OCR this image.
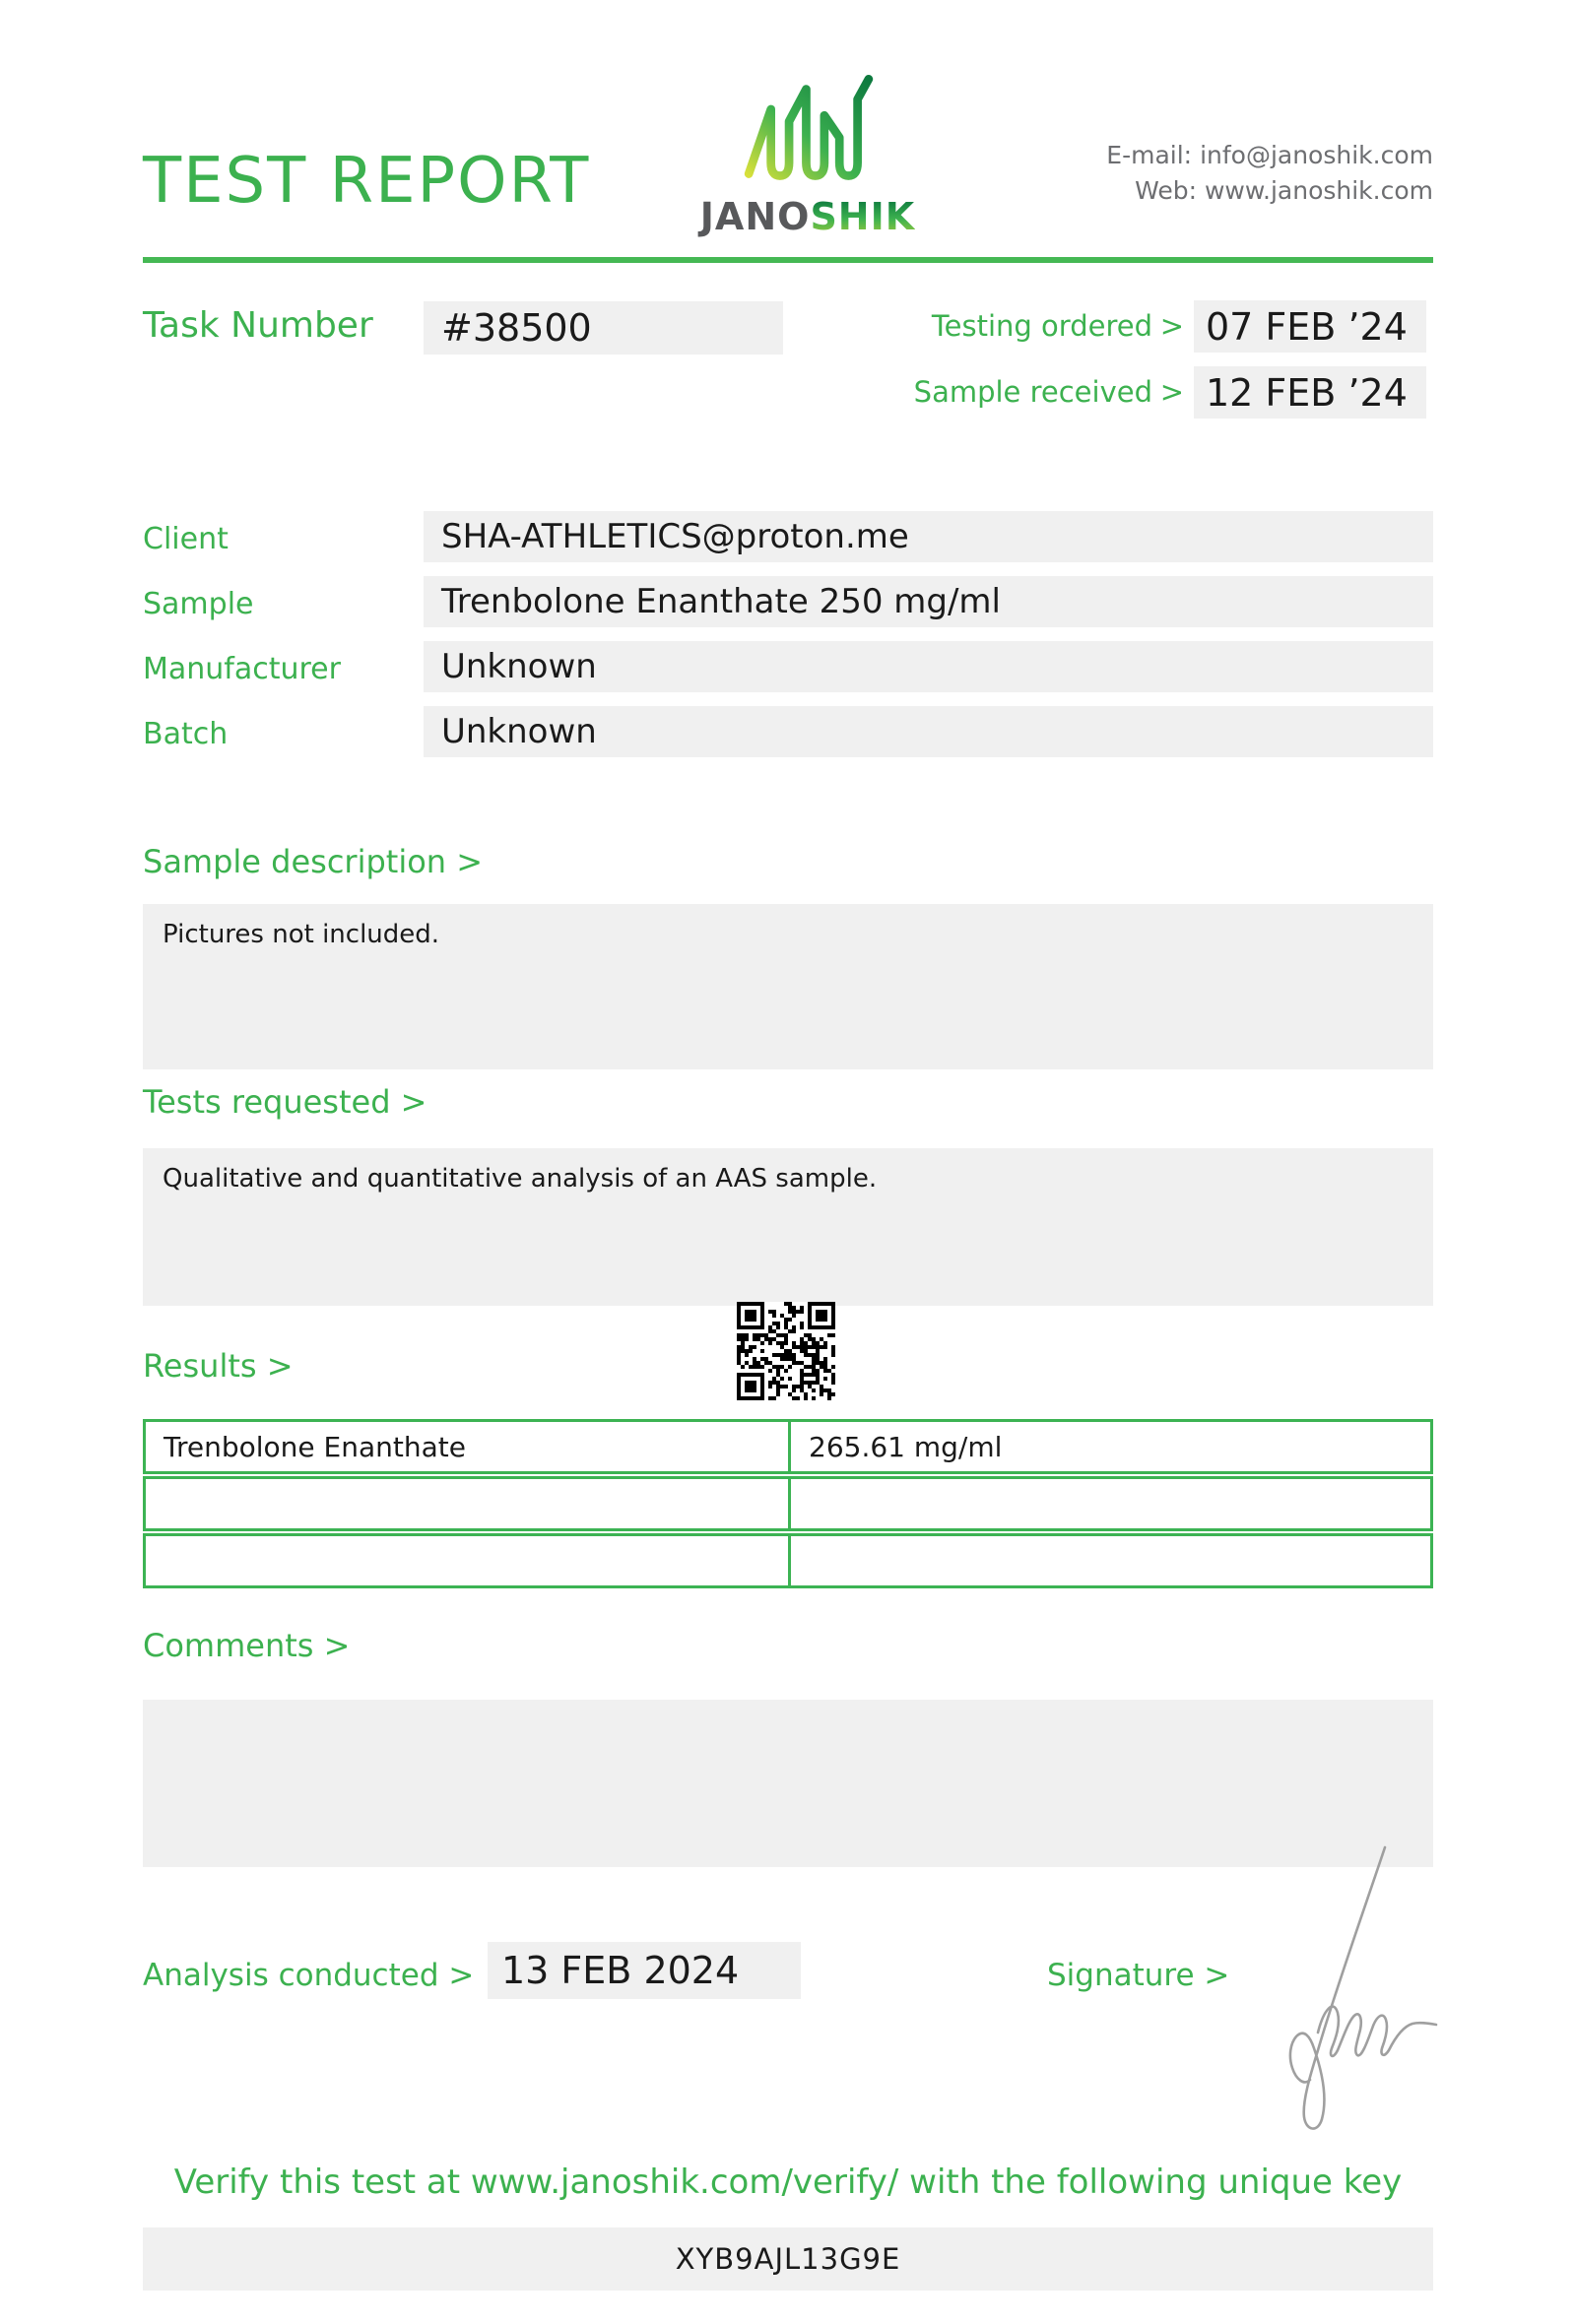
TEST REPORT	JANOSHIK
E-mail: info@janoshik.com
Web: www.janoshik.com
Task Number	#38500	Testing ordered > 07 FEB ’24
Sample received > 12 FEB ’24
Client	SHA-ATHLETICS@proton.me
Sample	Trenbolone Enanthate 250 mg/ml
Manufacturer	Unknown
Batch	Unknown
Sample description >
Pictures not included.
Tests requested >
Qualitative and quantitative analysis of an AAS sample.
Results >
Trenbolone Enanthate	265.61 mg/ml
Comments >
Analysis conducted > 13 FEB 2024	Signature >
Verify this test at www.janoshik.com/verify/ with the following unique key
XYB9AJL13G9E
